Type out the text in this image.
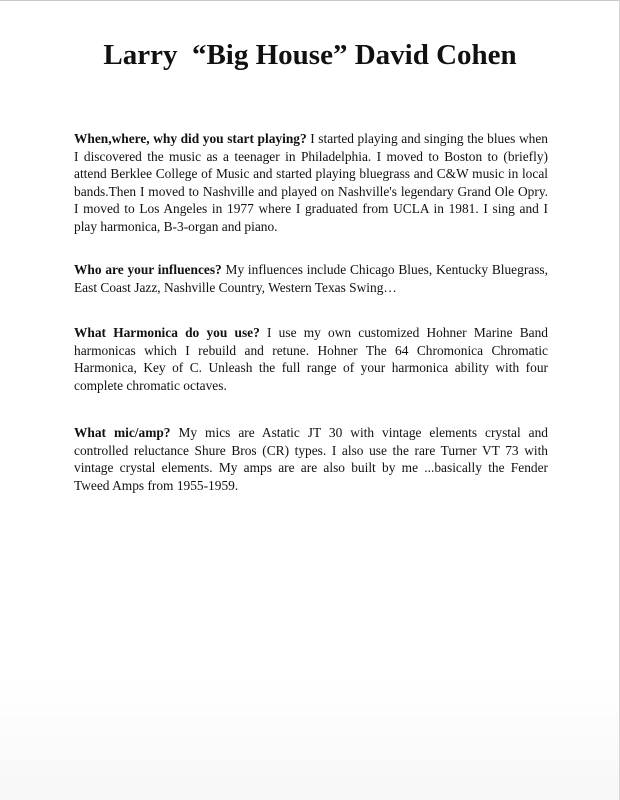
Larry  “Big House” David Cohen

When,where, why did you start playing? I started playing and singing the blues when I discovered the music as a teenager in Philadelphia. I moved to Boston to (briefly) attend Berklee College of Music and started playing bluegrass and C&W music in local bands.Then I moved to Nashville and played on Nashville's legendary Grand Ole Opry. I moved to Los Angeles in 1977 where I graduated from UCLA in 1981. I sing and I play harmonica, B-3-organ and piano.

Who are your influences? My influences include Chicago Blues, Kentucky Bluegrass, East Coast Jazz, Nashville Country, Western Texas Swing…

What Harmonica do you use? I use my own customized Hohner Marine Band harmonicas which I rebuild and retune. Hohner The 64 Chromonica Chromatic Harmonica, Key of C. Unleash the full range of your harmonica ability with four complete chromatic octaves.

What mic/amp? My mics are Astatic JT 30 with vintage elements crystal and controlled reluctance Shure Bros (CR) types. I also use the rare Turner VT 73 with vintage crystal elements. My amps are are also built by me ...basically the Fender Tweed Amps from 1955-1959.
